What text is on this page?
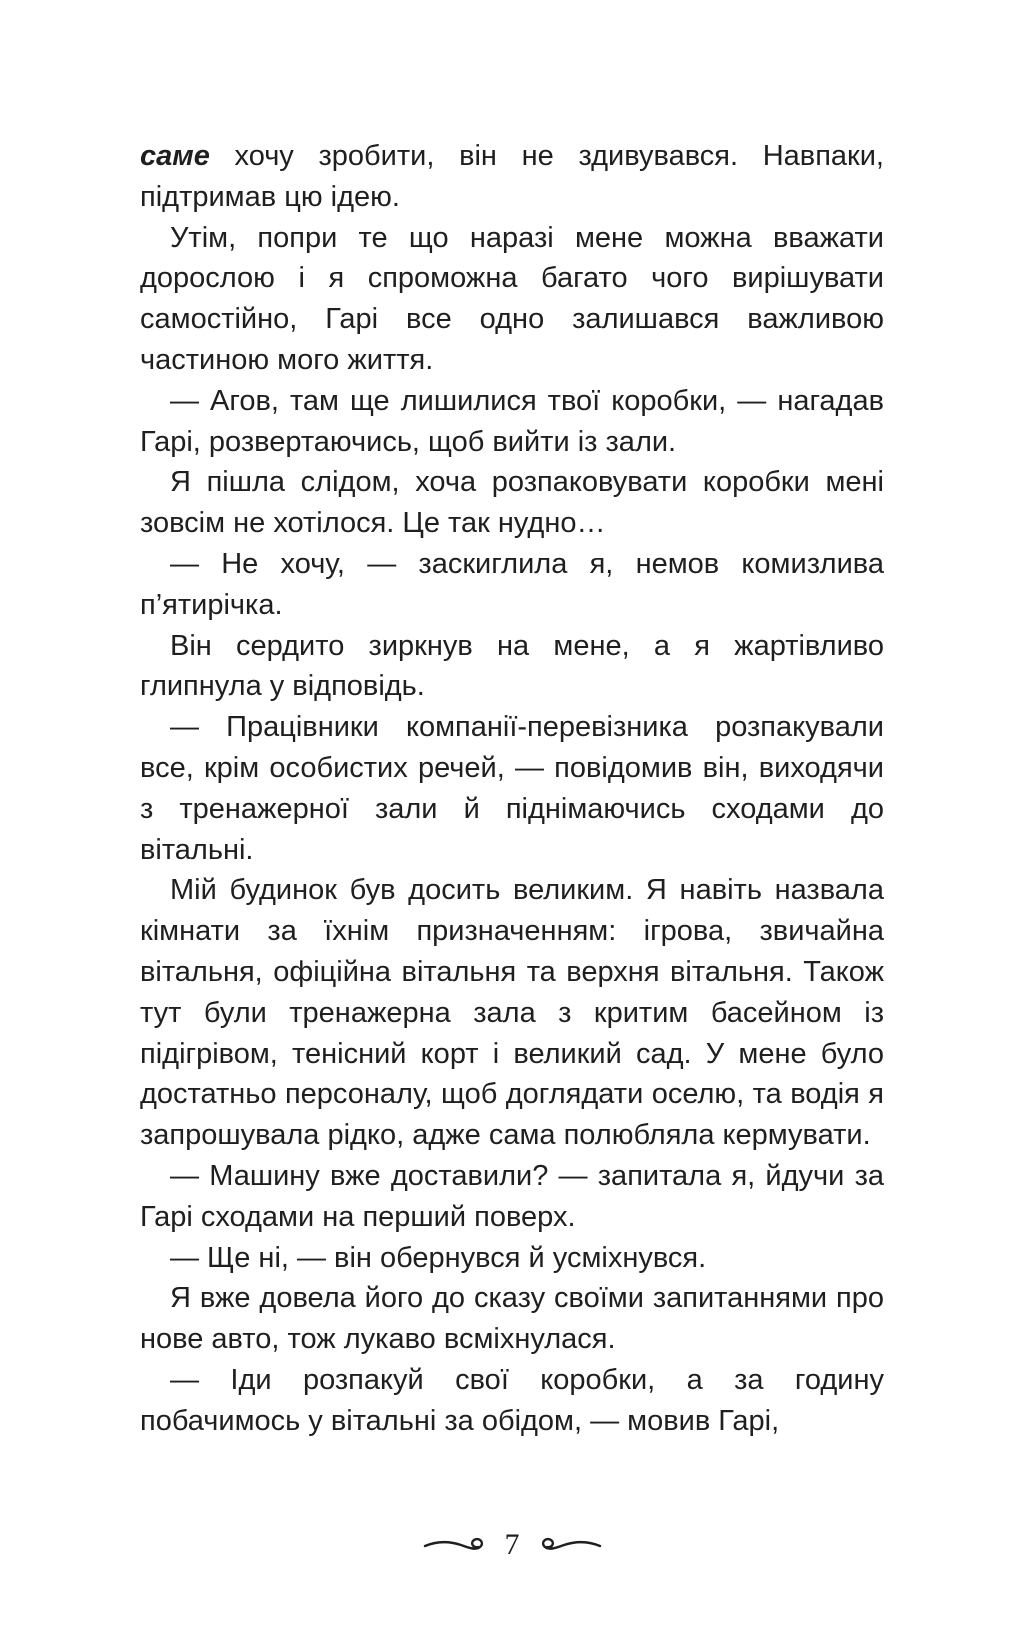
саме хочу зробити, він не здивувався. Навпаки, підтримав цю ідею.

Утім, попри те що наразі мене можна вважати дорослою і я спроможна багато чого вирішувати самостійно, Гарі все одно залишався важливою частиною мого життя.

— Агов, там ще лишилися твої коробки, — нагадав Гарі, розвертаючись, щоб вийти із зали.

Я пішла слідом, хоча розпаковувати коробки мені зовсім не хотілося. Це так нудно…

— Не хочу, — заскиглила я, немов комизлива п’ятирічка.

Він сердито зиркнув на мене, а я жартівливо глипнула у відповідь.

— Працівники компанії-перевізника розпакували все, крім особистих речей, — повідомив він, виходячи з тренажерної зали й піднімаючись сходами до вітальні.

Мій будинок був досить великим. Я навіть назвала кімнати за їхнім призначенням: ігрова, звичайна вітальня, офіційна вітальня та верхня вітальня. Також тут були тренажерна зала з критим басейном із підігрівом, тенісний корт і великий сад. У мене було достатньо персоналу, щоб доглядати оселю, та водія я запрошувала рідко, адже сама полюбляла кермувати.

— Машину вже доставили? — запитала я, йдучи за Гарі сходами на перший поверх.

— Ще ні, — він обернувся й усміхнувся.

Я вже довела його до сказу своїми запитаннями про нове авто, тож лукаво всміхнулася.

— Іди розпакуй свої коробки, а за годину побачимось у вітальні за обідом, — мовив Гарі,

7
